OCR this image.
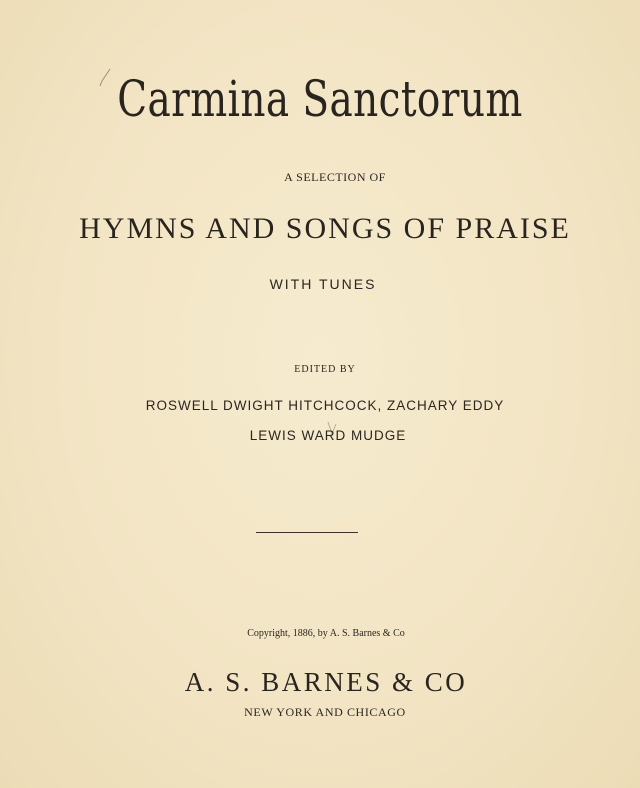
Carmina Sanctorum
A SELECTION OF
HYMNS AND SONGS OF PRAISE
WITH TUNES
EDITED BY
ROSWELL DWIGHT HITCHCOCK, ZACHARY EDDY
LEWIS WARD MUDGE
Copyright, 1886, by A. S. Barnes & Co
A. S. BARNES & CO
NEW YORK AND CHICAGO
